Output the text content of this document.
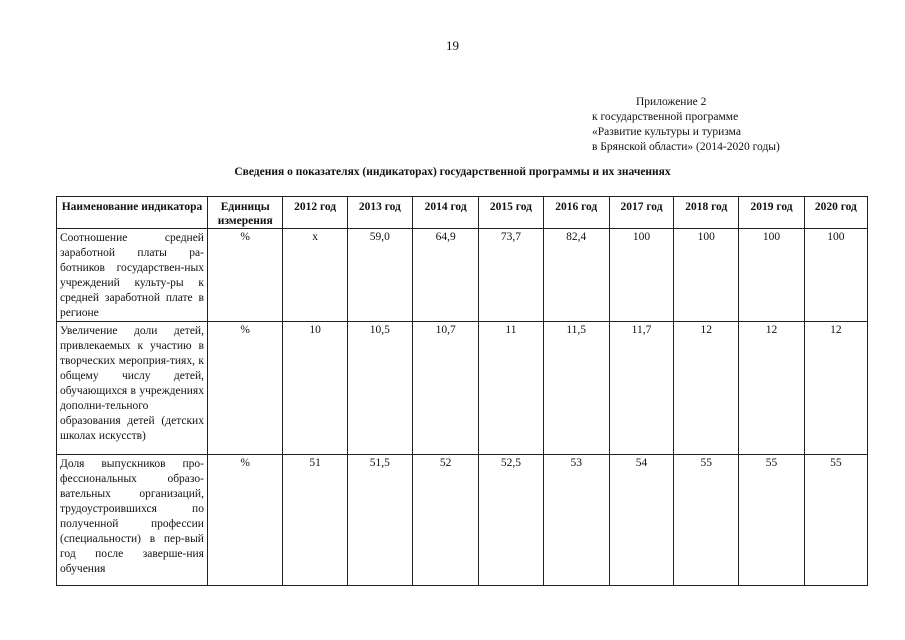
19
Приложение 2
к государственной программе
«Развитие культуры и туризма
в Брянской области» (2014-2020 годы)
Сведения о показателях (индикаторах) государственной программы и их значениях
Наименование индикатора	Единицы измерения	2012 год	2013 год	2014 год	2015 год	2016 год	2017 год	2018 год	2019 год	2020 год
Соотношение средней заработной платы ра-ботников государствен-ных учреждений культу-ры к средней заработной плате в регионе	%	x	59,0	64,9	73,7	82,4	100	100	100	100
Увеличение доли детей, привлекаемых к участию в творческих мероприя-тиях, к общему числу детей, обучающихся в учреждениях дополни-тельного образования детей (детских школах искусств)	%	10	10,5	10,7	11	11,5	11,7	12	12	12
Доля выпускников про-фессиональных образо-вательных организаций, трудоустроившихся по полученной профессии (специальности) в пер-вый год после заверше-ния обучения	%	51	51,5	52	52,5	53	54	55	55	55
